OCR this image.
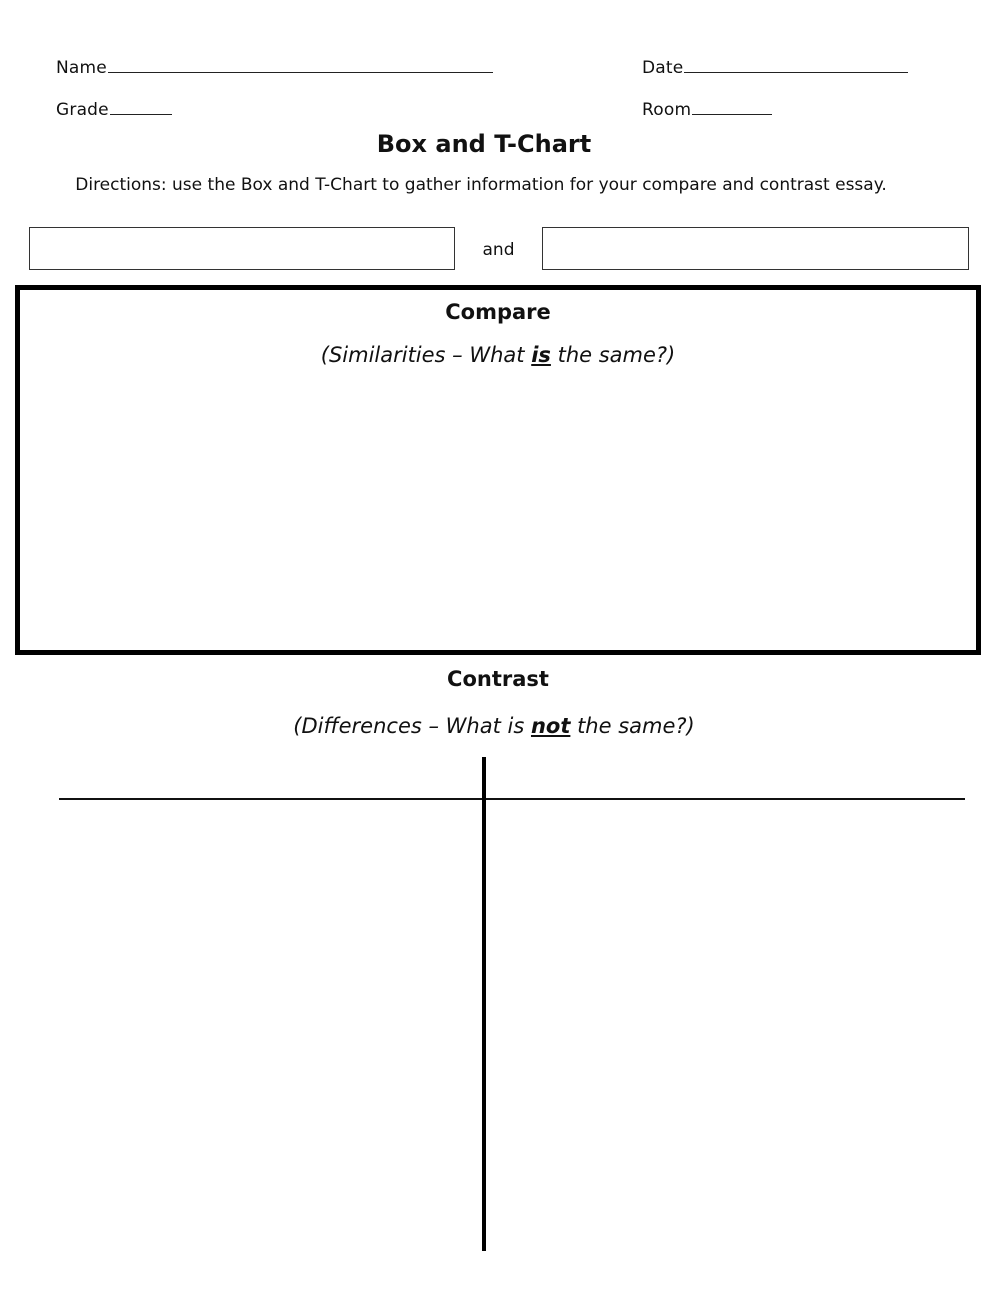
Name	Date
Grade	Room
Box and T-Chart
Directions: use the Box and T-Chart to gather information for your compare and contrast essay.
and
Compare
(Similarities – What is the same?)
Contrast
(Differences – What is not the same?)
